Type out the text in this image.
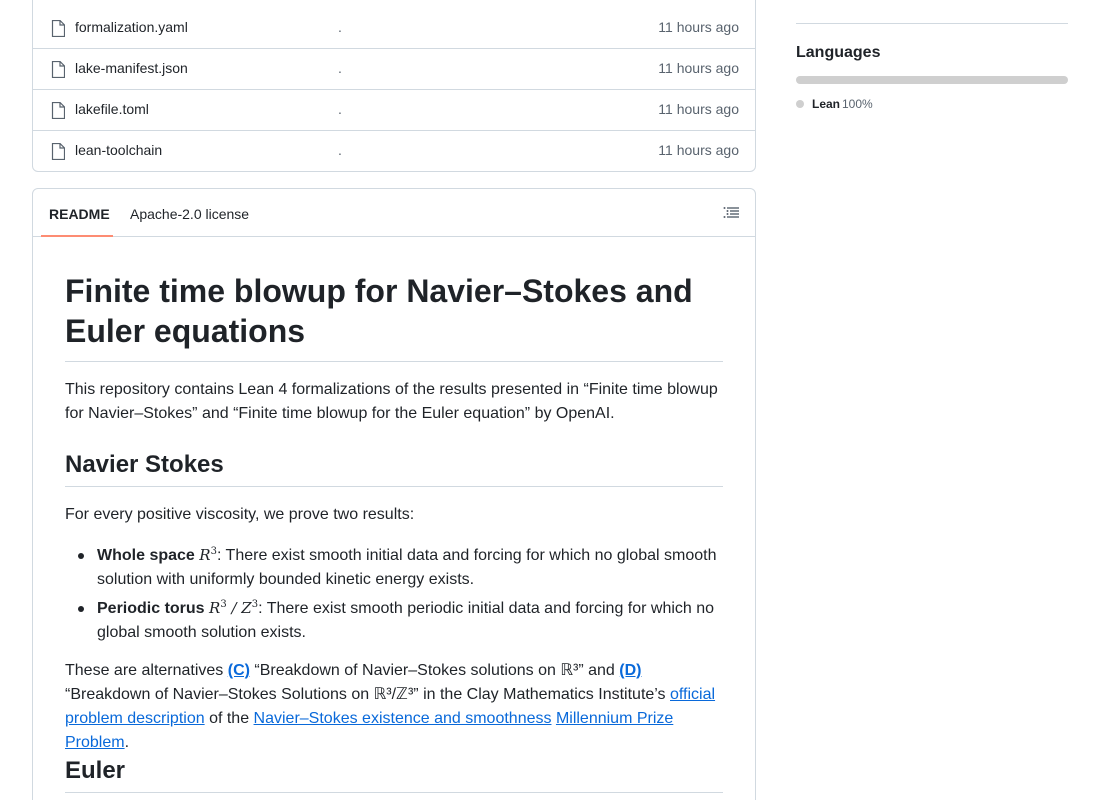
formalization.yaml	.	11 hours ago
lake-manifest.json	.	11 hours ago
lakefile.toml	.	11 hours ago
lean-toolchain	.	11 hours ago
README Apache-2.0 license
Finite time blowup for Navier–Stokes and Euler equations

This repository contains Lean 4 formalizations of the results presented in “Finite time blowup for Navier–Stokes” and “Finite time blowup for the Euler equation” by OpenAI.

Navier Stokes

For every positive viscosity, we prove two results:

Whole space $R^3$: There exist smooth initial data and forcing for which no global smooth solution with uniformly bounded kinetic energy exists.
Periodic torus $R^3 / Z^3$: There exist smooth periodic initial data and forcing for which no global smooth solution exists.

These are alternatives (C) “Breakdown of Navier–Stokes solutions on ℝ³” and (D) “Breakdown of Navier–Stokes Solutions on ℝ³/ℤ³” in the Clay Mathematics Institute’s official problem description of the Navier–Stokes existence and smoothness Millennium Prize Problem.

Euler
Languages
Lean 100%
